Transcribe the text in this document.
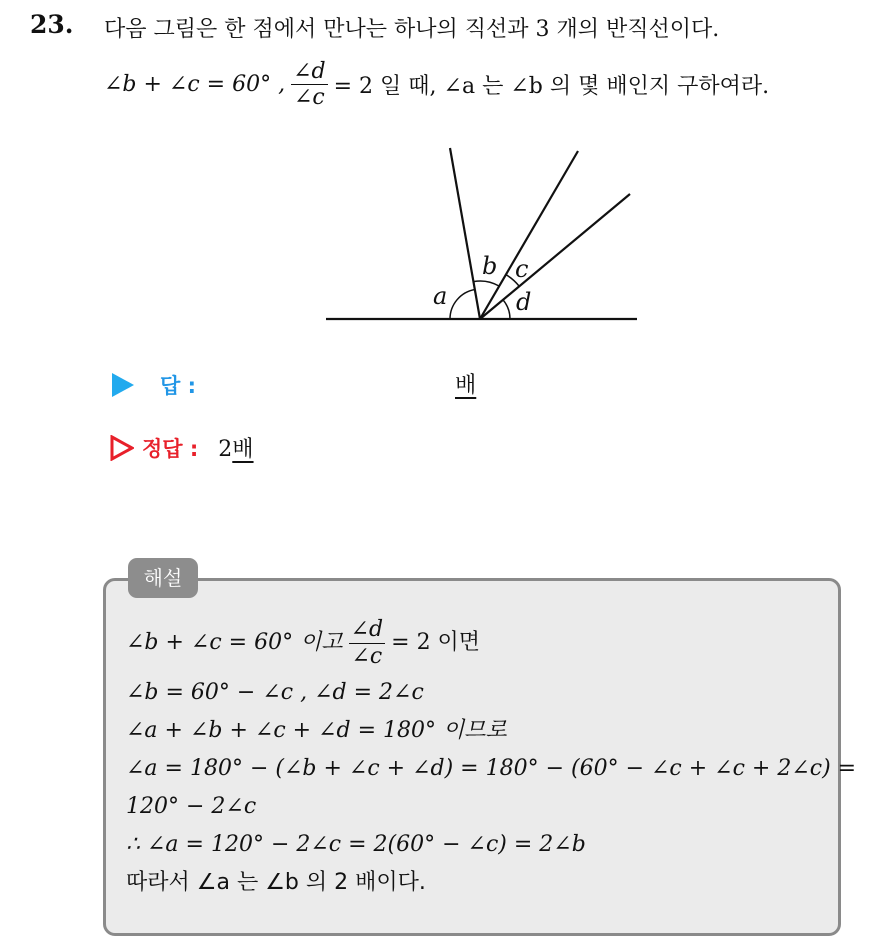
23. 다음 그림은 한 점에서 만나는 하나의 직선과 3 개의 반직선이다.
∠b + ∠c = 60° , $\frac{\angle d}{\angle c} = 2$ 일 때, ∠a 는 ∠b 의 몇 배인지 구하여라.
a
b c
d
답 :	배
정답 : 2배
해설
∠b + ∠c = 60° 이고 $\frac{\angle d}{\angle c} = 2$ 이면
∠b = 60° − ∠c , ∠d = 2∠c
∠a + ∠b + ∠c + ∠d = 180° 이므로
∠a = 180° − (∠b + ∠c + ∠d) = 180° − (60° − ∠c + ∠c + 2∠c) =
120° − 2∠c
∴ ∠a = 120° − 2∠c = 2(60° − ∠c) = 2∠b
따라서 ∠a 는 ∠b 의 2 배이다.
